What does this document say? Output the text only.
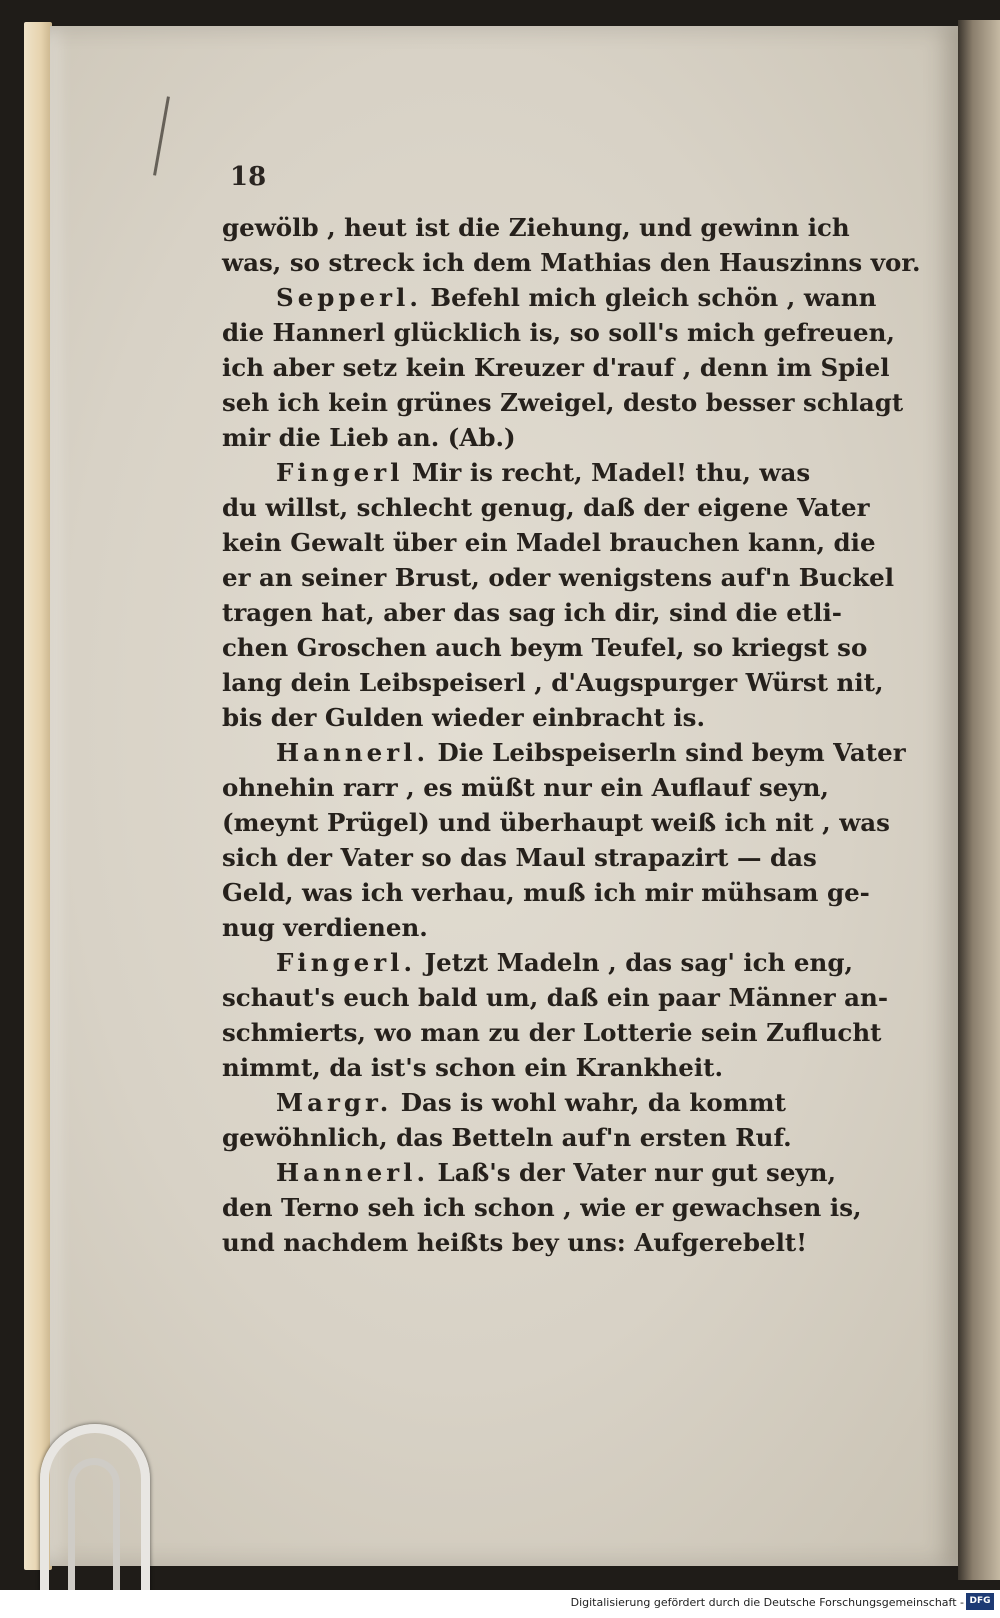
18
gewölb , heut ist die Ziehung, und gewinn ich
was, so streck ich dem Mathias den Hauszinns vor.
Sepperl. Befehl mich gleich schön , wann
die Hannerl glücklich is, so soll's mich gefreuen,
ich aber setz kein Kreuzer d'rauf , denn im Spiel
seh ich kein grünes Zweigel, desto besser schlagt
mir die Lieb an. (Ab.)
Fingerl Mir is recht, Madel! thu, was
du willst, schlecht genug, daß der eigene Vater
kein Gewalt über ein Madel brauchen kann, die
er an seiner Brust, oder wenigstens auf'n Buckel
tragen hat, aber das sag ich dir, sind die etli-
chen Groschen auch beym Teufel, so kriegst so
lang dein Leibspeiserl , d'Augspurger Würst nit,
bis der Gulden wieder einbracht is.
Hannerl. Die Leibspeiserln sind beym Vater
ohnehin rarr , es müßt nur ein Auflauf seyn,
(meynt Prügel) und überhaupt weiß ich nit , was
sich der Vater so das Maul strapazirt — das
Geld, was ich verhau, muß ich mir mühsam ge-
nug verdienen.
Fingerl. Jetzt Madeln , das sag' ich eng,
schaut's euch bald um, daß ein paar Männer an-
schmierts, wo man zu der Lotterie sein Zuflucht
nimmt, da ist's schon ein Krankheit.
Margr. Das is wohl wahr, da kommt
gewöhnlich, das Betteln auf'n ersten Ruf.
Hannerl. Laß's der Vater nur gut seyn,
den Terno seh ich schon , wie er gewachsen is,
und nachdem heißts bey uns: Aufgerebelt!
Digitalisierung gefördert durch die Deutsche Forschungsgemeinschaft - DFG
